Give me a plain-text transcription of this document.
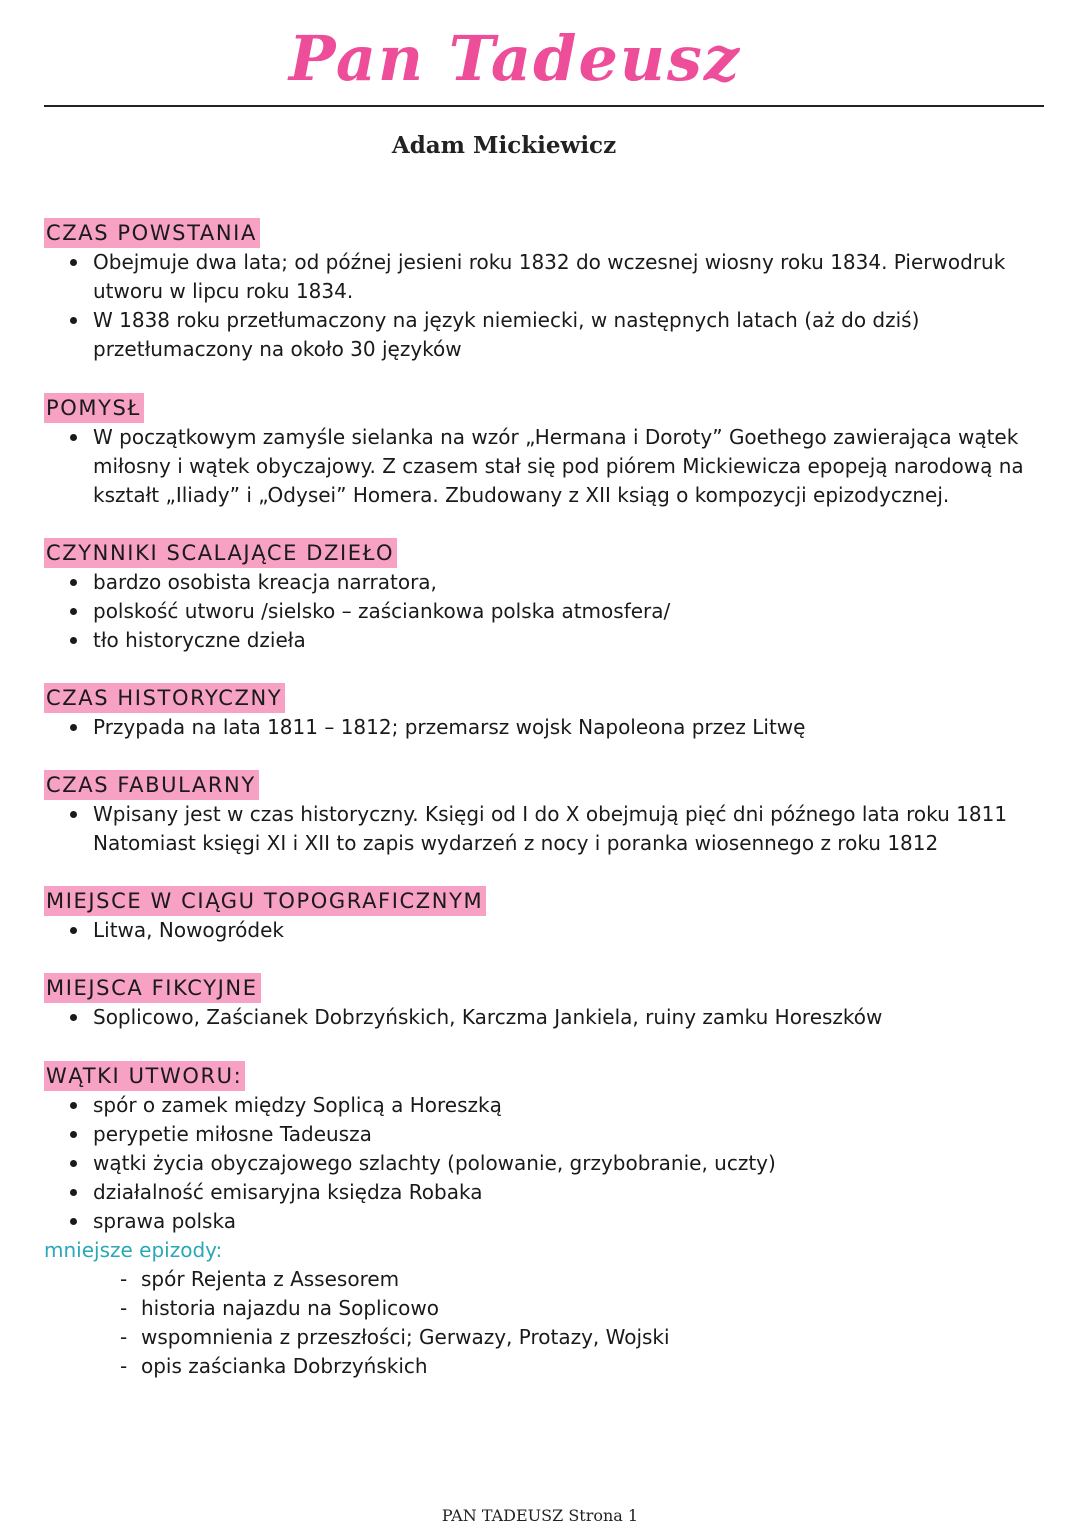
Pan Tadeusz
Adam Mickiewicz
CZAS POWSTANIA
Obejmuje dwa lata; od późnej jesieni roku 1832 do wczesnej wiosny roku 1834. Pierwodruk utworu w lipcu roku 1834.
W 1838 roku przetłumaczony na język niemiecki, w następnych latach (aż do dziś) przetłumaczony na około 30 języków
POMYSŁ
W początkowym zamyśle sielanka na wzór „Hermana i Doroty” Goethego zawierająca wątek miłosny i wątek obyczajowy. Z czasem stał się pod piórem Mickiewicza epopeją narodową na kształt „Iliady” i „Odysei” Homera. Zbudowany z XII ksiąg o kompozycji epizodycznej.
CZYNNIKI SCALAJĄCE DZIEŁO
bardzo osobista kreacja narratora,
polskość utworu /sielsko – zaściankowa polska atmosfera/
tło historyczne dzieła
CZAS HISTORYCZNY
Przypada na lata 1811 – 1812; przemarsz wojsk Napoleona przez Litwę
CZAS FABULARNY
Wpisany jest w czas historyczny. Księgi od I do X obejmują pięć dni późnego lata roku 1811
Natomiast księgi XI i XII to zapis wydarzeń z nocy i poranka wiosennego z roku 1812
MIEJSCE W CIĄGU TOPOGRAFICZNYM
Litwa, Nowogródek
MIEJSCA FIKCYJNE
Soplicowo, Zaścianek Dobrzyńskich, Karczma Jankiela, ruiny zamku Horeszków
WĄTKI UTWORU:
spór o zamek między Soplicą a Horeszką
perypetie miłosne Tadeusza
wątki życia obyczajowego szlachty (polowanie, grzybobranie, uczty)
działalność emisaryjna księdza Robaka
sprawa polska
mniejsze epizody:
- spór Rejenta z Assesorem
- historia najazdu na Soplicowo
- wspomnienia z przeszłości; Gerwazy, Protazy, Wojski
- opis zaścianka Dobrzyńskich
PAN TADEUSZ Strona 1
